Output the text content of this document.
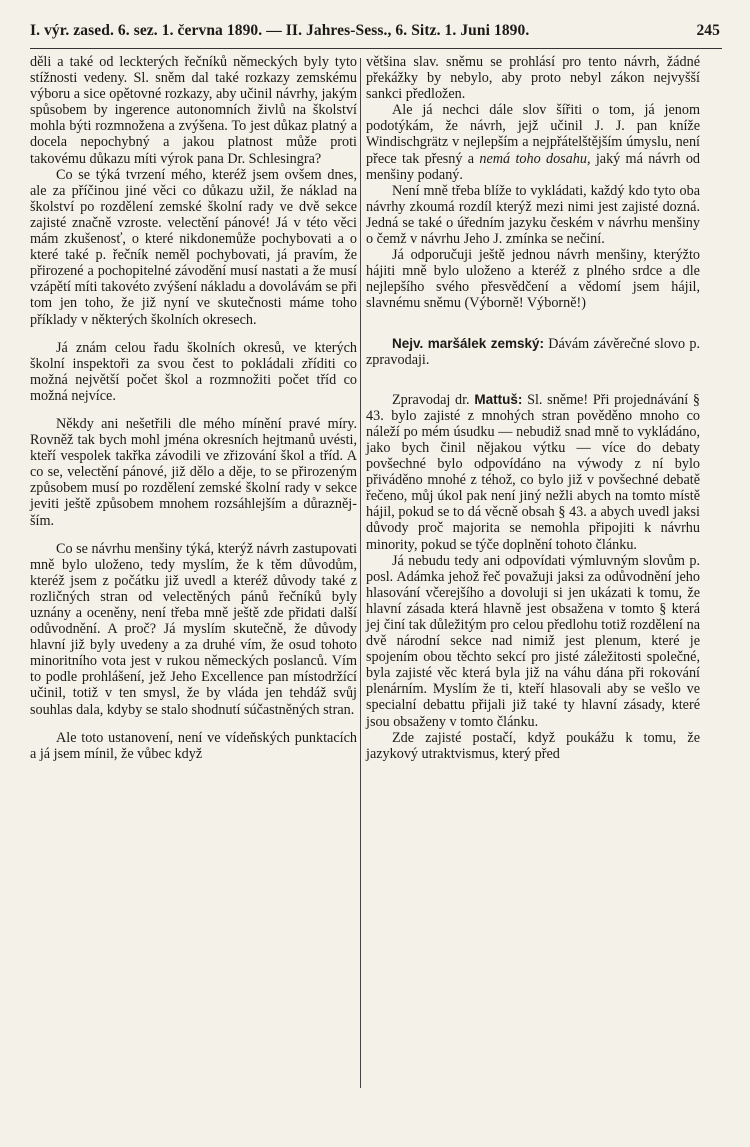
I. výr. zased. 6. sez. 1. června 1890. — II. Jahres-Sess., 6. Sitz. 1. Juni 1890.	245

děli a také od leckterých řečníků německých byly tyto stížnosti vedeny. Sl. sněm dal také rozkazy zemskému výboru a sice opětovné rozkazy, aby učinil návrhy, jakým spůsobem by ingerence autonomních živlů na školství mohla býti rozmnožena a zvýšena. To jest důkaz platný a docela nepochybný a jakou platnost může proti takovému důkazu míti výrok pana Dr. Schlesingra?

Co se týká tvrzení mého, kteréž jsem ovšem dnes, ale za příčinou jiné věci co důkazu užil, že náklad na školství po rozdělení zemské školní rady ve dvě sekce zajisté značně vzroste. velectění pánové! Já v této věci mám zkušenosť, o které nikdonemůže pochybovati a o které také p. řečník neměl pochybovati, já pravím, že přirozené a pochopitelné závodění musí nastati a že musí vzápětí míti takovéto zvýšení nákladu a dovolávám se při tom jen toho, že již nyní ve skutečnosti máme toho příklady v některých školních okresech.

Já znám celou řadu školních okresů, ve kterých školní inspektoři za svou čest to pokládali zříditi co možná největší počet škol a rozmnožiti počet tříd co možná nejvíce.

Někdy ani nešetřili dle mého mínění pravé míry. Rovněž tak bych mohl jména okresních hejtmanů uvésti, kteří vespolek takřka závodili ve zřizování škol a tříd. A co se, velectění pánové, již dělo a děje, to se přirozeným způsobem musí po rozdělení zemské školní rady v sekce jeviti ještě způsobem mnohem rozsáhlejším a důraznějším.

Co se návrhu menšiny týká, kterýž návrh zastupovati mně bylo uloženo, tedy myslím, že k těm důvodům, kteréž jsem z počátku již uvedl a kteréž důvody také z rozličných stran od velectěných pánů řečníků byly uznány a oceněny, není třeba mně ještě zde přidati další odůvodnění. A proč? Já myslím skutečně, že důvody hlavní již byly uvedeny a za druhé vím, že osud tohoto minoritního vota jest v rukou německých poslanců. Vím to podle prohlášení, jež Jeho Excellence pan místodržící učinil, totiž v ten smysl, že by vláda jen tehdáž svůj souhlas dala, kdyby se stalo shodnutí súčastněných stran.

Ale toto ustanovení, není ve vídeňských punktacích a já jsem mínil, že vůbec když

většina slav. sněmu se prohlásí pro tento návrh, žádné překážky by nebylo, aby proto nebyl zákon nejvyšší sankci předložen.

Ale já nechci dále slov šířiti o tom, já jenom podotýkám, že návrh, jejž učinil J. J. pan kníže Windischgrätz v nejlepším a nejpřátelštějším úmyslu, není přece tak přesný a nemá toho dosahu, jaký má návrh od menšiny podaný.

Není mně třeba blíže to vykládati, každý kdo tyto oba návrhy zkoumá rozdíl kterýž mezi nimi jest zajisté dozná. Jedná se také o úředním jazyku českém v návrhu menšiny o čemž v návrhu Jeho J. zmínka se nečiní.

Já odporučuji ještě jednou návrh menšiny, kterýžto hájiti mně bylo uloženo a kteréž z plného srdce a dle nejlepšího svého přesvědčení a vědomí jsem hájil, slavnému sněmu (Výborně! Výborně!)

Nejv. maršálek zemský: Dávám závěrečné slovo p. zpravodaji.

Zpravodaj dr. Mattuš: Sl. sněme! Při projednávání § 43. bylo zajisté z mnohých stran pověděno mnoho co náleží po mém úsudku — nebudiž snad mně to vykládáno, jako bych činil nějakou výtku — více do debaty povšechné bylo odpovídáno na výwody z ní bylo přiváděno mnohé z téhož, co bylo již v povšechné debatě řečeno, můj úkol pak není jiný nežli abych na tomto místě hájil, pokud se to dá věcně obsah § 43. a abych uvedl jaksi důvody proč majorita se nemohla připojiti k návrhu minority, pokud se týče doplnění tohoto článku.

Já nebudu tedy ani odpovídati výmluvným slovům p. posl. Adámka jehož řeč považuji jaksi za odůvodnění jeho hlasování včerejšího a dovoluji si jen ukázati k tomu, že hlavní zásada která hlavně jest obsažena v tomto § která jej činí tak důležitým pro celou předlohu totiž rozdělení na dvě národní sekce nad nimiž jest plenum, které je spojením obou těchto sekcí pro jisté záležitosti společné, byla zajisté věc která byla již na váhu dána při rokování plenárním. Myslím že ti, kteří hlasovali aby se vešlo ve specialní debattu přijali již také ty hlavní zásady, které jsou obsaženy v tomto článku.

Zde zajisté postačí, když poukážu k tomu, že jazykový utraktvismus, který před
